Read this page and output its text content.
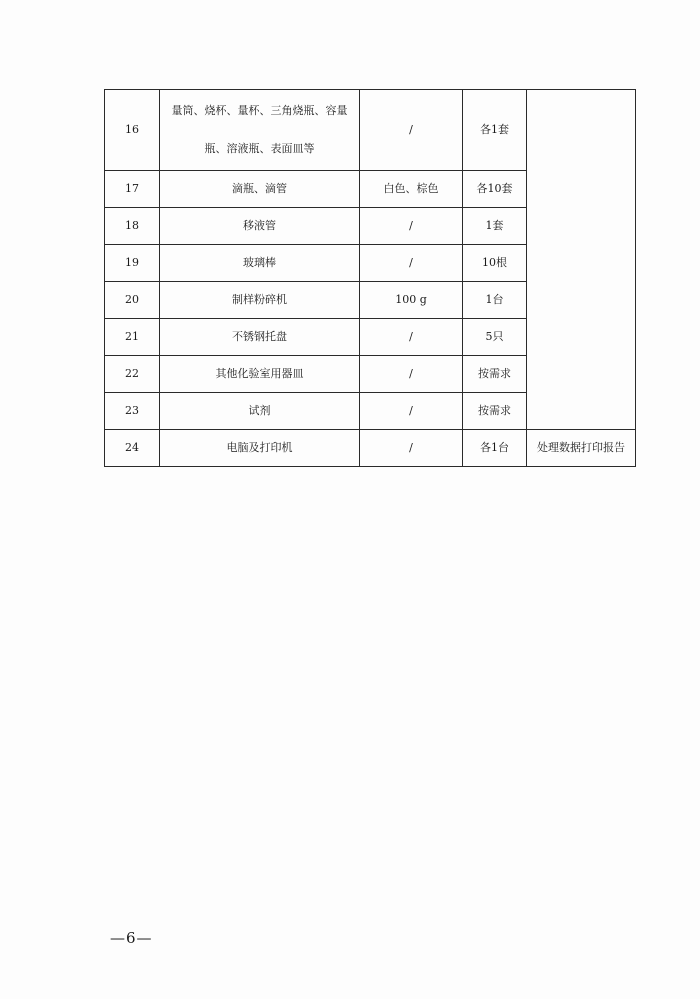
16	量筒、烧杯、量杯、三角烧瓶、容量瓶、溶液瓶、表面皿等	/	各1套	
17	滴瓶、滴管	白色、棕色	各10套	
18	移液管	/	1套	
19	玻璃棒	/	10根	
20	制样粉碎机	100 g	1台	
21	不锈钢托盘	/	5只	
22	其他化验室用器皿	/	按需求	
23	试剂	/	按需求	
24	电脑及打印机	/	各1台	处理数据打印报告
—6—
